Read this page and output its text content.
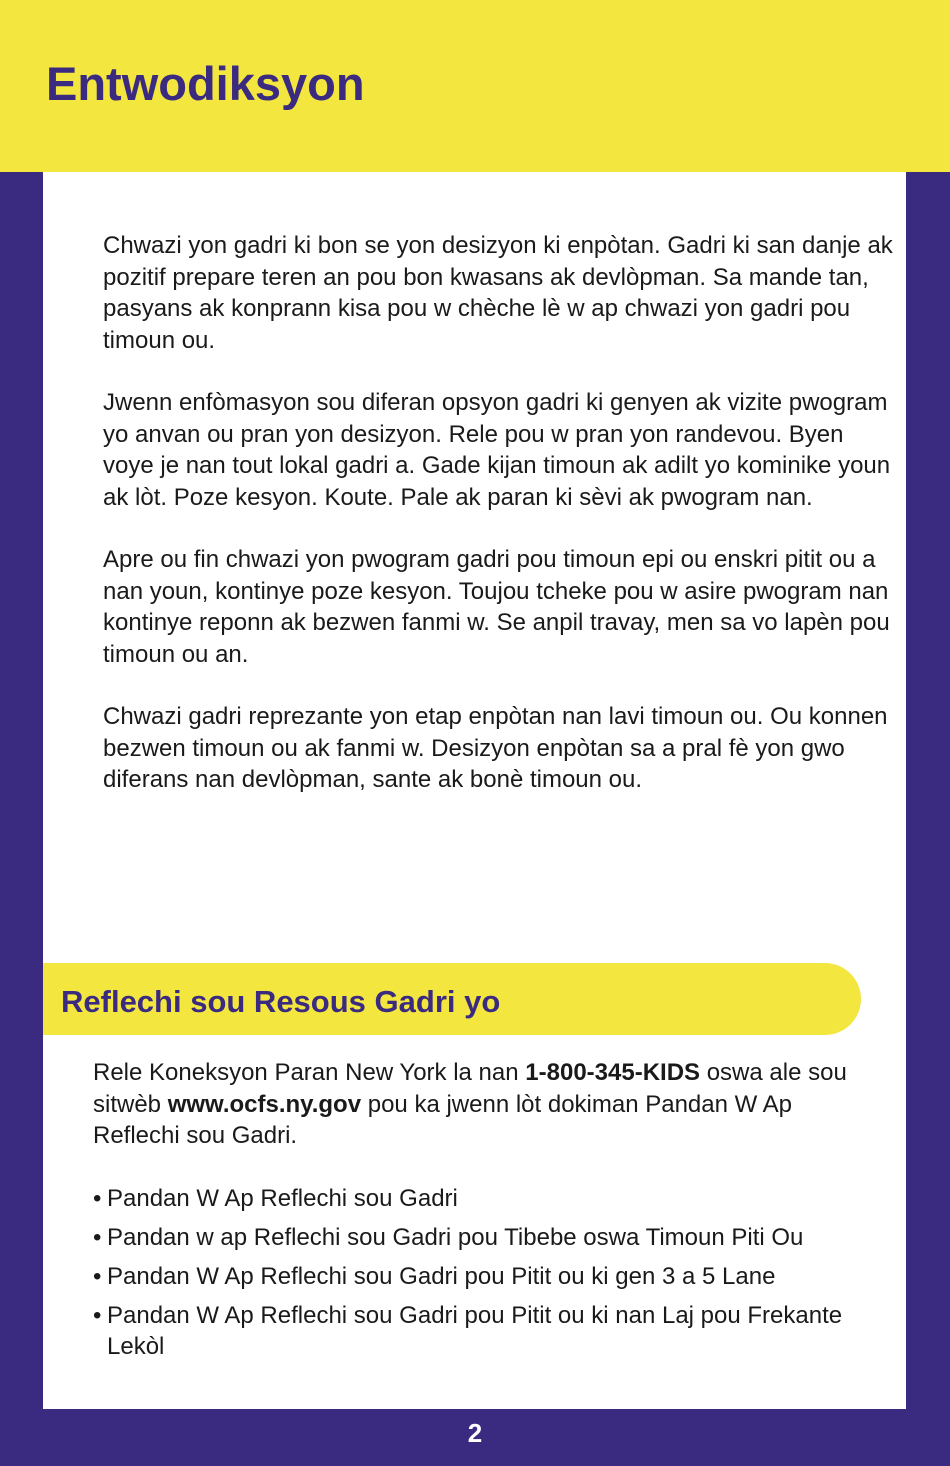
Entwodiksyon

Chwazi yon gadri ki bon se yon desizyon ki enpòtan. Gadri ki san danje ak pozitif prepare teren an pou bon kwasans ak devlòpman. Sa mande tan, pasyans ak konprann kisa pou w chèche lè w ap chwazi yon gadri pou timoun ou.

Jwenn enfòmasyon sou diferan opsyon gadri ki genyen ak vizite pwogram yo anvan ou pran yon desizyon. Rele pou w pran yon randevou. Byen voye je nan tout lokal gadri a. Gade kijan timoun ak adilt yo kominike youn ak lòt. Poze kesyon. Koute. Pale ak paran ki sèvi ak pwogram nan.

Apre ou fin chwazi yon pwogram gadri pou timoun epi ou enskri pitit ou a nan youn, kontinye poze kesyon. Toujou tcheke pou w asire pwogram nan kontinye reponn ak bezwen fanmi w. Se anpil travay, men sa vo lapèn pou timoun ou an.

Chwazi gadri reprezante yon etap enpòtan nan lavi timoun ou. Ou konnen bezwen timoun ou ak fanmi w. Desizyon enpòtan sa a pral fè yon gwo diferans nan devlòpman, sante ak bonè timoun ou.

Reflechi sou Resous Gadri yo

Rele Koneksyon Paran New York la nan 1-800-345-KIDS oswa ale sou sitwèb www.ocfs.ny.gov pou ka jwenn lòt dokiman Pandan W Ap Reflechi sou Gadri.

• Pandan W Ap Reflechi sou Gadri
• Pandan w ap Reflechi sou Gadri pou Tibebe oswa Timoun Piti Ou
• Pandan W Ap Reflechi sou Gadri pou Pitit ou ki gen 3 a 5 Lane
• Pandan W Ap Reflechi sou Gadri pou Pitit ou ki nan Laj pou Frekante Lekòl
2
